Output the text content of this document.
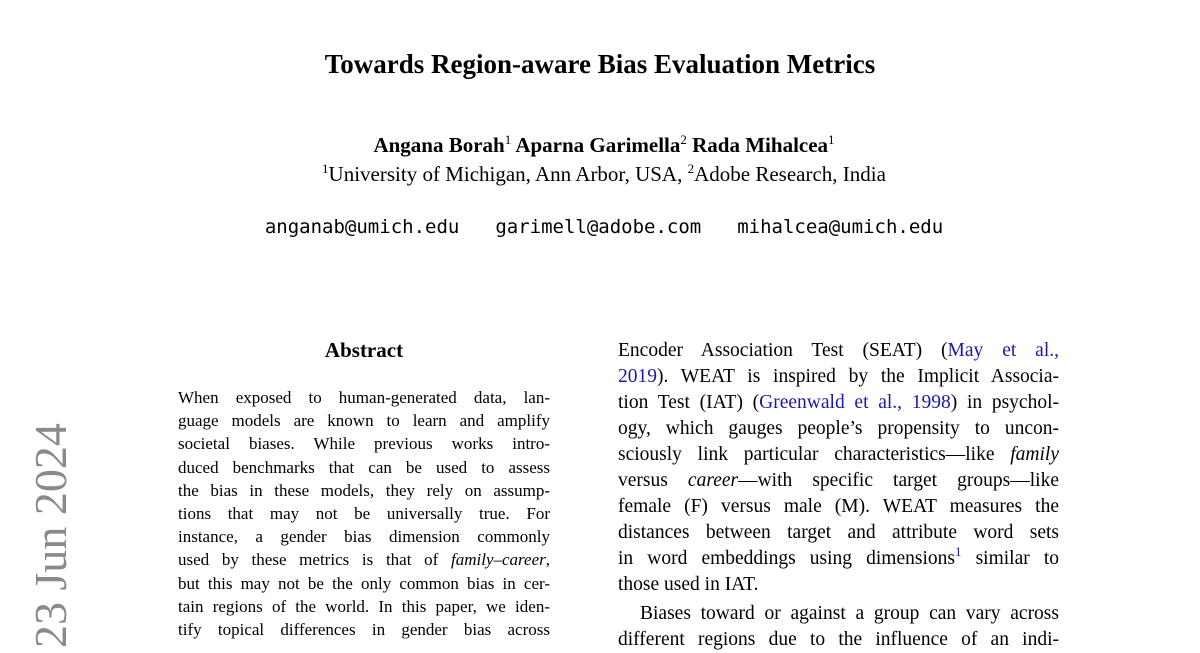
23 Jun 2024
Towards Region-aware Bias Evaluation Metrics
Angana Borah$^1$ Aparna Garimella$^2$ Rada Mihalcea$^1$
$^1$University of Michigan, Ann Arbor, USA, $^2$Adobe Research, India
anganab@umich.edu garimell@adobe.com mihalcea@umich.edu
Abstract
When exposed to human-generated data, lan-
guage models are known to learn and amplify
societal biases. While previous works intro-
duced benchmarks that can be used to assess
the bias in these models, they rely on assump-
tions that may not be universally true. For
instance, a gender bias dimension commonly
used by these metrics is that of family–career,
but this may not be the only common bias in cer-
tain regions of the world. In this paper, we iden-
tify topical differences in gender bias across
Encoder Association Test (SEAT) (May et al.,
2019). WEAT is inspired by the Implicit Associa-
tion Test (IAT) (Greenwald et al., 1998) in psychol-
ogy, which gauges people’s propensity to uncon-
sciously link particular characteristics—like family
versus career—with specific target groups—like
female (F) versus male (M). WEAT measures the
distances between target and attribute word sets
in word embeddings using dimensions$^1$ similar to
those used in IAT.
Biases toward or against a group can vary across
different regions due to the influence of an indi-
